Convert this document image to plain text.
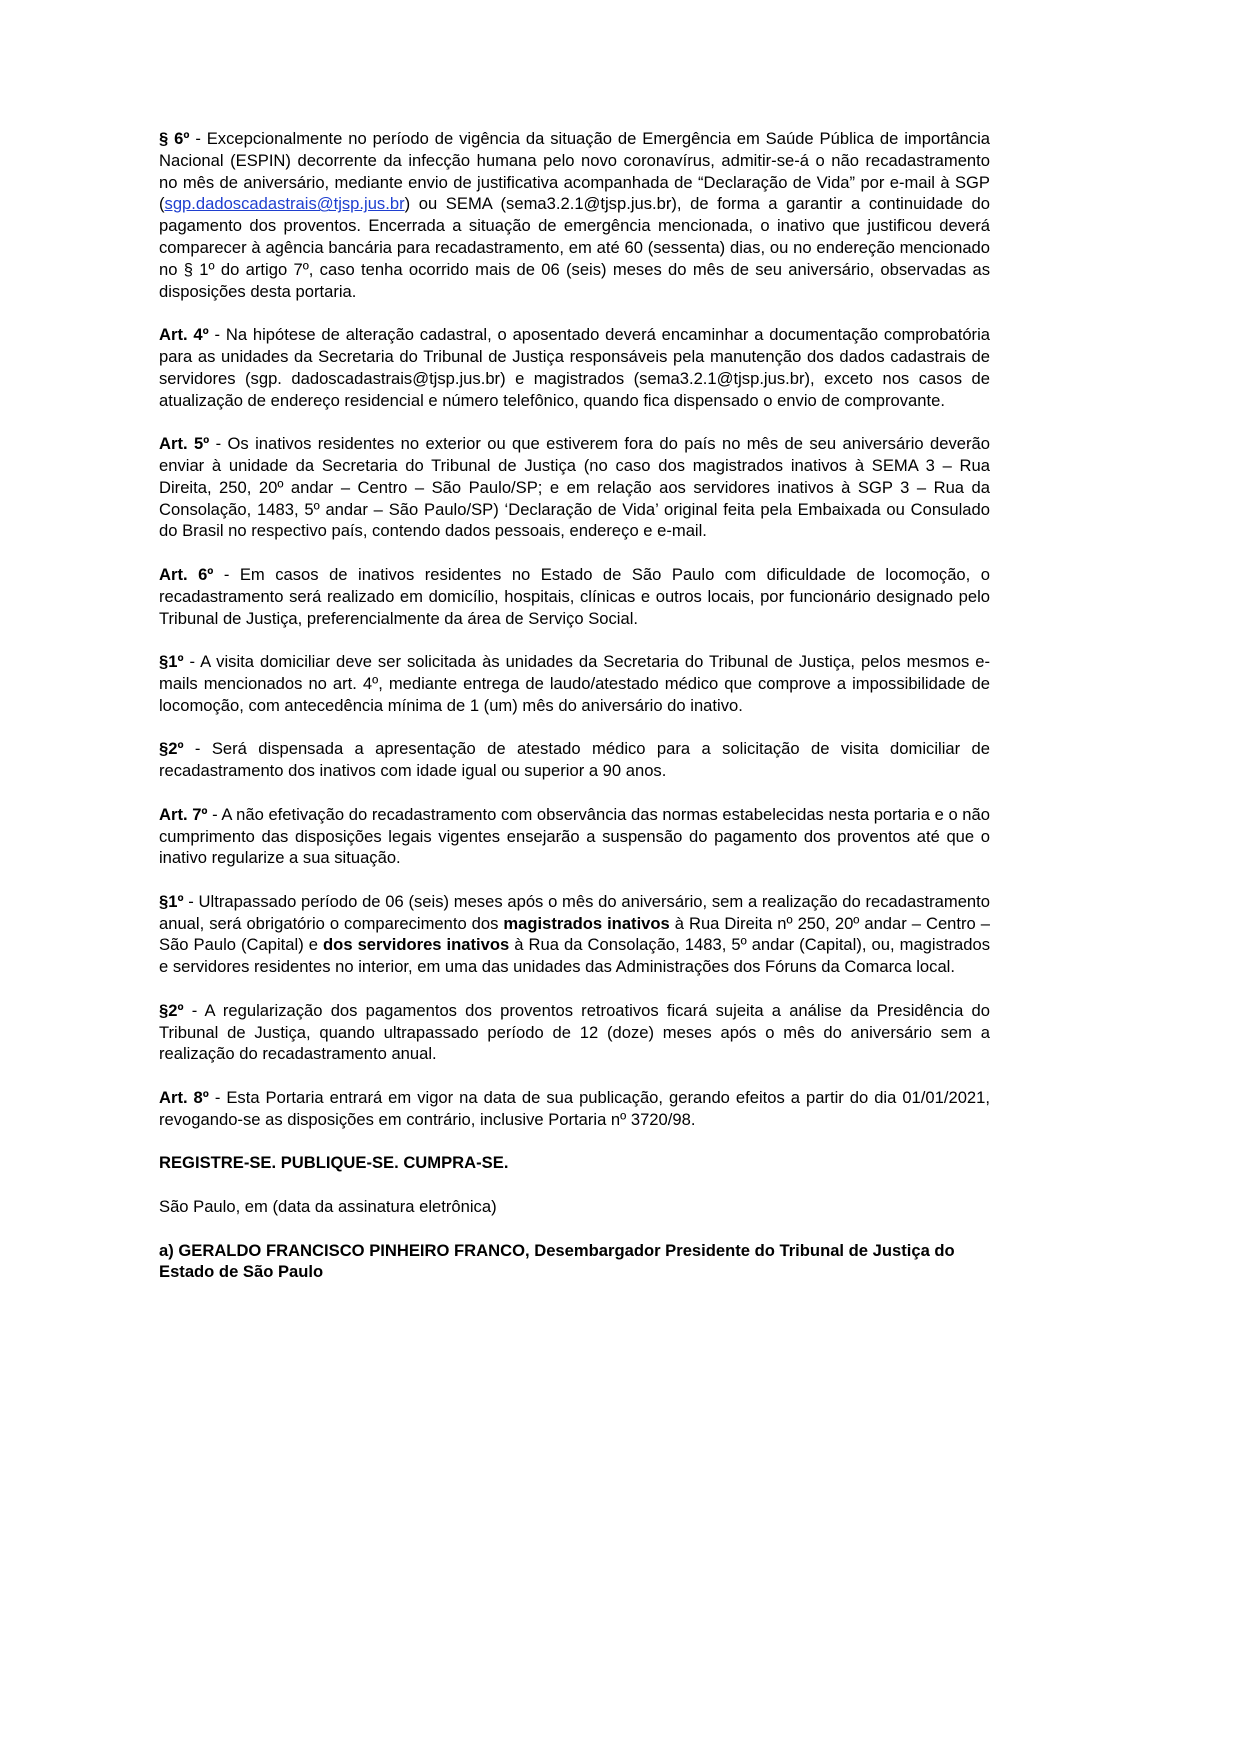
§ 6º - Excepcionalmente no período de vigência da situação de Emergência em Saúde Pública de importância Nacional (ESPIN) decorrente da infecção humana pelo novo coronavírus, admitir-se-á o não recadastramento no mês de aniversário, mediante envio de justificativa acompanhada de “Declaração de Vida” por e-mail à SGP (sgp.dadoscadastrais@tjsp.jus.br) ou SEMA (sema3.2.1@tjsp.jus.br), de forma a garantir a continuidade do pagamento dos proventos. Encerrada a situação de emergência mencionada, o inativo que justificou deverá comparecer à agência bancária para recadastramento, em até 60 (sessenta) dias, ou no endereção mencionado no § 1º do artigo 7º, caso tenha ocorrido mais de 06 (seis) meses do mês de seu aniversário, observadas as disposições desta portaria.

Art. 4º - Na hipótese de alteração cadastral, o aposentado deverá encaminhar a documentação comprobatória para as unidades da Secretaria do Tribunal de Justiça responsáveis pela manutenção dos dados cadastrais de servidores (sgp. dadoscadastrais@tjsp.jus.br) e magistrados (sema3.2.1@tjsp.jus.br), exceto nos casos de atualização de endereço residencial e número telefônico, quando fica dispensado o envio de comprovante.

Art. 5º - Os inativos residentes no exterior ou que estiverem fora do país no mês de seu aniversário deverão enviar à unidade da Secretaria do Tribunal de Justiça (no caso dos magistrados inativos à SEMA 3 – Rua Direita, 250, 20º andar – Centro – São Paulo/SP; e em relação aos servidores inativos à SGP 3 – Rua da Consolação, 1483, 5º andar – São Paulo/SP) ‘Declaração de Vida’ original feita pela Embaixada ou Consulado do Brasil no respectivo país, contendo dados pessoais, endereço e e-mail.

Art. 6º - Em casos de inativos residentes no Estado de São Paulo com dificuldade de locomoção, o recadastramento será realizado em domicílio, hospitais, clínicas e outros locais, por funcionário designado pelo Tribunal de Justiça, preferencialmente da área de Serviço Social.

§1º - A visita domiciliar deve ser solicitada às unidades da Secretaria do Tribunal de Justiça, pelos mesmos e-mails mencionados no art. 4º, mediante entrega de laudo/atestado médico que comprove a impossibilidade de locomoção, com antecedência mínima de 1 (um) mês do aniversário do inativo.

§2º - Será dispensada a apresentação de atestado médico para a solicitação de visita domiciliar de recadastramento dos inativos com idade igual ou superior a 90 anos.

Art. 7º - A não efetivação do recadastramento com observância das normas estabelecidas nesta portaria e o não cumprimento das disposições legais vigentes ensejarão a suspensão do pagamento dos proventos até que o inativo regularize a sua situação.

§1º - Ultrapassado período de 06 (seis) meses após o mês do aniversário, sem a realização do recadastramento anual, será obrigatório o comparecimento dos magistrados inativos à Rua Direita nº 250, 20º andar – Centro – São Paulo (Capital) e dos servidores inativos à Rua da Consolação, 1483, 5º andar (Capital), ou, magistrados e servidores residentes no interior, em uma das unidades das Administrações dos Fóruns da Comarca local.

§2º - A regularização dos pagamentos dos proventos retroativos ficará sujeita a análise da Presidência do Tribunal de Justiça, quando ultrapassado período de 12 (doze) meses após o mês do aniversário sem a realização do recadastramento anual.

Art. 8º - Esta Portaria entrará em vigor na data de sua publicação, gerando efeitos a partir do dia 01/01/2021, revogando-se as disposições em contrário, inclusive Portaria nº 3720/98.

REGISTRE-SE. PUBLIQUE-SE. CUMPRA-SE.

São Paulo, em (data da assinatura eletrônica)

a) GERALDO FRANCISCO PINHEIRO FRANCO, Desembargador Presidente do Tribunal de Justiça do Estado de São Paulo
